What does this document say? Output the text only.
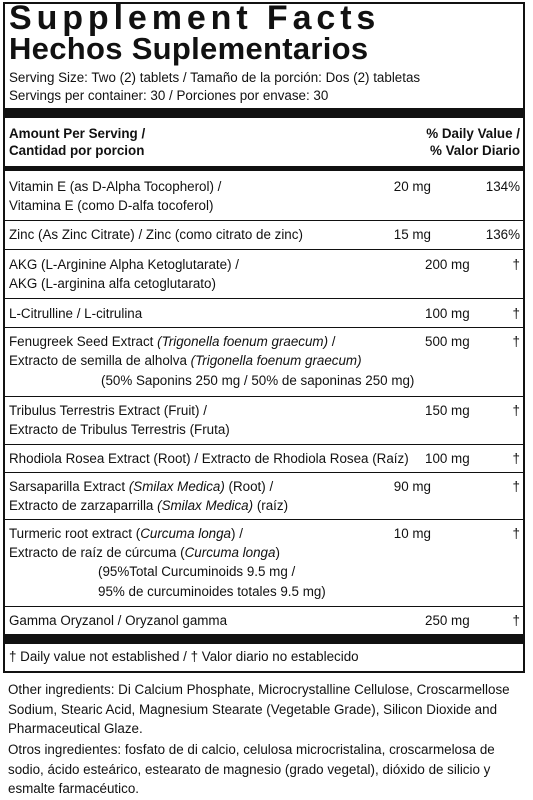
Supplement Facts
Hechos Suplementarios
Serving Size: Two (2) tablets / Tamaño de la porción: Dos (2) tabletas
Servings per container: 30 / Porciones por envase: 30
Amount Per Serving /
Cantidad por porcion
% Daily Value /
% Valor Diario
Vitamin E (as D-Alpha Tocopherol) /
Vitamina E (como D-alfa tocoferol)
20 mg	134%
Zinc (As Zinc Citrate) / Zinc (como citrato de zinc)	15 mg	136%
AKG (L-Arginine Alpha Ketoglutarate) /
AKG (L-arginina alfa cetoglutarato)
200 mg	†
L-Citrulline / L-citrulina	100 mg	†
Fenugreek Seed Extract (Trigonella foenum graecum) /
Extracto de semilla de alholva (Trigonella foenum graecum)
(50% Saponins 250 mg / 50% de saponinas 250 mg)
500 mg	†
Tribulus Terrestris Extract (Fruit) /
Extracto de Tribulus Terrestris (Fruta)
150 mg	†
Rhodiola Rosea Extract (Root) / Extracto de Rhodiola Rosea (Raíz) 100 mg	†
Sarsaparilla Extract (Smilax Medica) (Root) /
Extracto de zarzaparrilla (Smilax Medica) (raíz)
90 mg	†
Turmeric root extract (Curcuma longa) /
Extracto de raíz de cúrcuma (Curcuma longa)
(95%Total Curcuminoids 9.5 mg /
95% de curcuminoides totales 9.5 mg)
10 mg	†
Gamma Oryzanol / Oryzanol gamma	250 mg	†
† Daily value not established / † Valor diario no establecido
Other ingredients: Di Calcium Phosphate, Microcrystalline Cellulose, Croscarmellose Sodium, Stearic Acid, Magnesium Stearate (Vegetable Grade), Silicon Dioxide and Pharmaceutical Glaze.
Otros ingredientes: fosfato de di calcio, celulosa microcristalina, croscarmelosa de sodio, ácido esteárico, estearato de magnesio (grado vegetal), dióxido de silicio y esmalte farmacéutico.
